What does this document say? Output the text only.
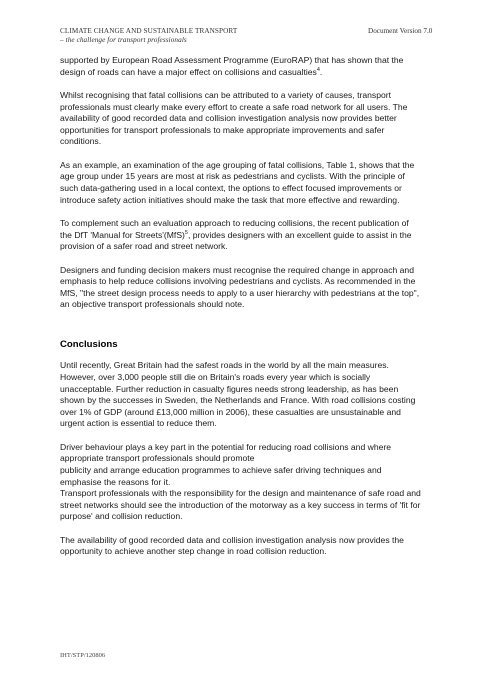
CLIMATE CHANGE AND SUSTAINABLE TRANSPORT
– the challenge for transport professionals
Document Version 7.0

supported by European Road Assessment Programme (EuroRAP) that has shown that the design of roads can have a major effect on collisions and casualties$^4$.

Whilst recognising that fatal collisions can be attributed to a variety of causes, transport professionals must clearly make every effort to create a safe road network for all users. The availability of good recorded data and collision investigation analysis now provides better opportunities for transport professionals to make appropriate improvements and safer conditions.

As an example, an examination of the age grouping of fatal collisions, Table 1, shows that the age group under 15 years are most at risk as pedestrians and cyclists. With the principle of such data-gathering used in a local context, the options to effect focused improvements or introduce safety action initiatives should make the task that more effective and rewarding.

To complement such an evaluation approach to reducing collisions, the recent publication of the DfT 'Manual for Streets'(MfS)$^5$, provides designers with an excellent guide to assist in the provision of a safer road and street network.

Designers and funding decision makers must recognise the required change in approach and emphasis to help reduce collisions involving pedestrians and cyclists. As recommended in the MfS, "the street design process needs to apply to a user hierarchy with pedestrians at the top", an objective transport professionals should note.

Conclusions

Until recently, Great Britain had the safest roads in the world by all the main measures. However, over 3,000 people still die on Britain's roads every year which is socially unacceptable. Further reduction in casualty figures needs strong leadership, as has been shown by the successes in Sweden, the Netherlands and France. With road collisions costing over 1% of GDP (around £13,000 million in 2006), these casualties are unsustainable and urgent action is essential to reduce them.

Driver behaviour plays a key part in the potential for reducing road collisions and where appropriate transport professionals should promote

publicity and arrange education programmes to achieve safer driving techniques and emphasise the reasons for it.

Transport professionals with the responsibility for the design and maintenance of safe road and street networks should see the introduction of the motorway as a key success in terms of 'fit for purpose' and collision reduction.

The availability of good recorded data and collision investigation analysis now provides the opportunity to achieve another step change in road collision reduction.

IHT/STP/120806
